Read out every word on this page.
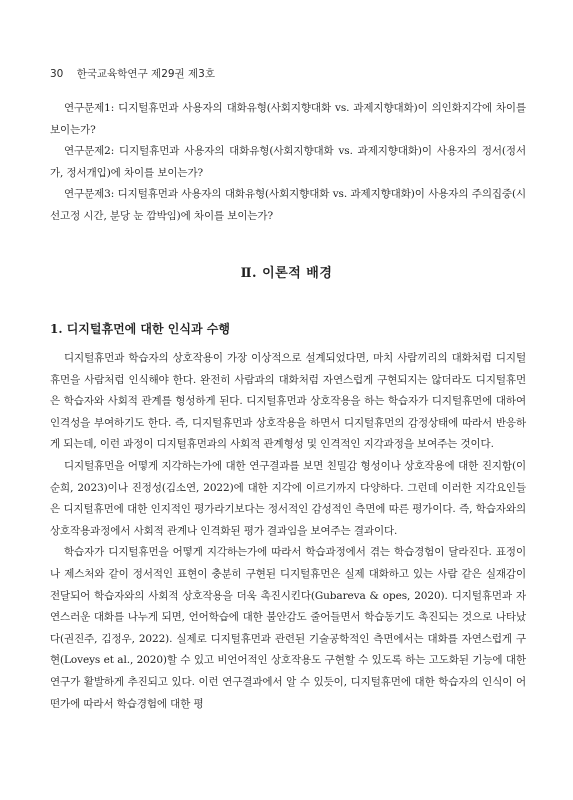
30 한국교육학연구 제29권 제3호

연구문제1: 디지털휴먼과 사용자의 대화유형(사회지향대화 vs. 과제지향대화)이 의인화지각에 차이를 보이는가?

연구문제2: 디지털휴먼과 사용자의 대화유형(사회지향대화 vs. 과제지향대화)이 사용자의 정서(정서가, 정서개입)에 차이를 보이는가?

연구문제3: 디지털휴먼과 사용자의 대화유형(사회지향대화 vs. 과제지향대화)이 사용자의 주의집중(시선고정 시간, 분당 눈 깜박임)에 차이를 보이는가?

Ⅱ. 이론적 배경
1. 디지털휴먼에 대한 인식과 수행

디지털휴먼과 학습자의 상호작용이 가장 이상적으로 설계되었다면, 마치 사람끼리의 대화처럼 디지털휴먼을 사람처럼 인식해야 한다. 완전히 사람과의 대화처럼 자연스럽게 구현되지는 않더라도 디지털휴먼은 학습자와 사회적 관계를 형성하게 된다. 디지털휴먼과 상호작용을 하는 학습자가 디지털휴먼에 대하여 인격성을 부여하기도 한다. 즉, 디지털휴먼과 상호작용을 하면서 디지털휴먼의 감정상태에 따라서 반응하게 되는데, 이런 과정이 디지털휴먼과의 사회적 관계형성 및 인격적인 지각과정을 보여주는 것이다.

디지털휴먼을 어떻게 지각하는가에 대한 연구결과를 보면 친밀감 형성이나 상호작용에 대한 진지함(이순희, 2023)이나 진정성(김소연, 2022)에 대한 지각에 이르기까지 다양하다. 그런데 이러한 지각요인들은 디지털휴먼에 대한 인지적인 평가라기보다는 정서적인 감성적인 측면에 따른 평가이다. 즉, 학습자와의 상호작용과정에서 사회적 관계나 인격화된 평가 결과임을 보여주는 결과이다.

학습자가 디지털휴먼을 어떻게 지각하는가에 따라서 학습과정에서 겪는 학습경험이 달라진다. 표정이나 제스처와 같이 정서적인 표현이 충분히 구현된 디지털휴먼은 실제 대화하고 있는 사람 같은 실재감이 전달되어 학습자와의 사회적 상호작용을 더욱 촉진시킨다(Gubareva & opes, 2020). 디지털휴먼과 자연스러운 대화를 나누게 되면, 언어학습에 대한 불안감도 줄어들면서 학습동기도 촉진되는 것으로 나타났다(권진주, 김정우, 2022). 실제로 디지털휴먼과 관련된 기술공학적인 측면에서는 대화를 자연스럽게 구현(Loveys et al., 2020)할 수 있고 비언어적인 상호작용도 구현할 수 있도록 하는 고도화된 기능에 대한 연구가 활발하게 추진되고 있다. 이런 연구결과에서 알 수 있듯이, 디지털휴먼에 대한 학습자의 인식이 어떤가에 따라서 학습경험에 대한 평
